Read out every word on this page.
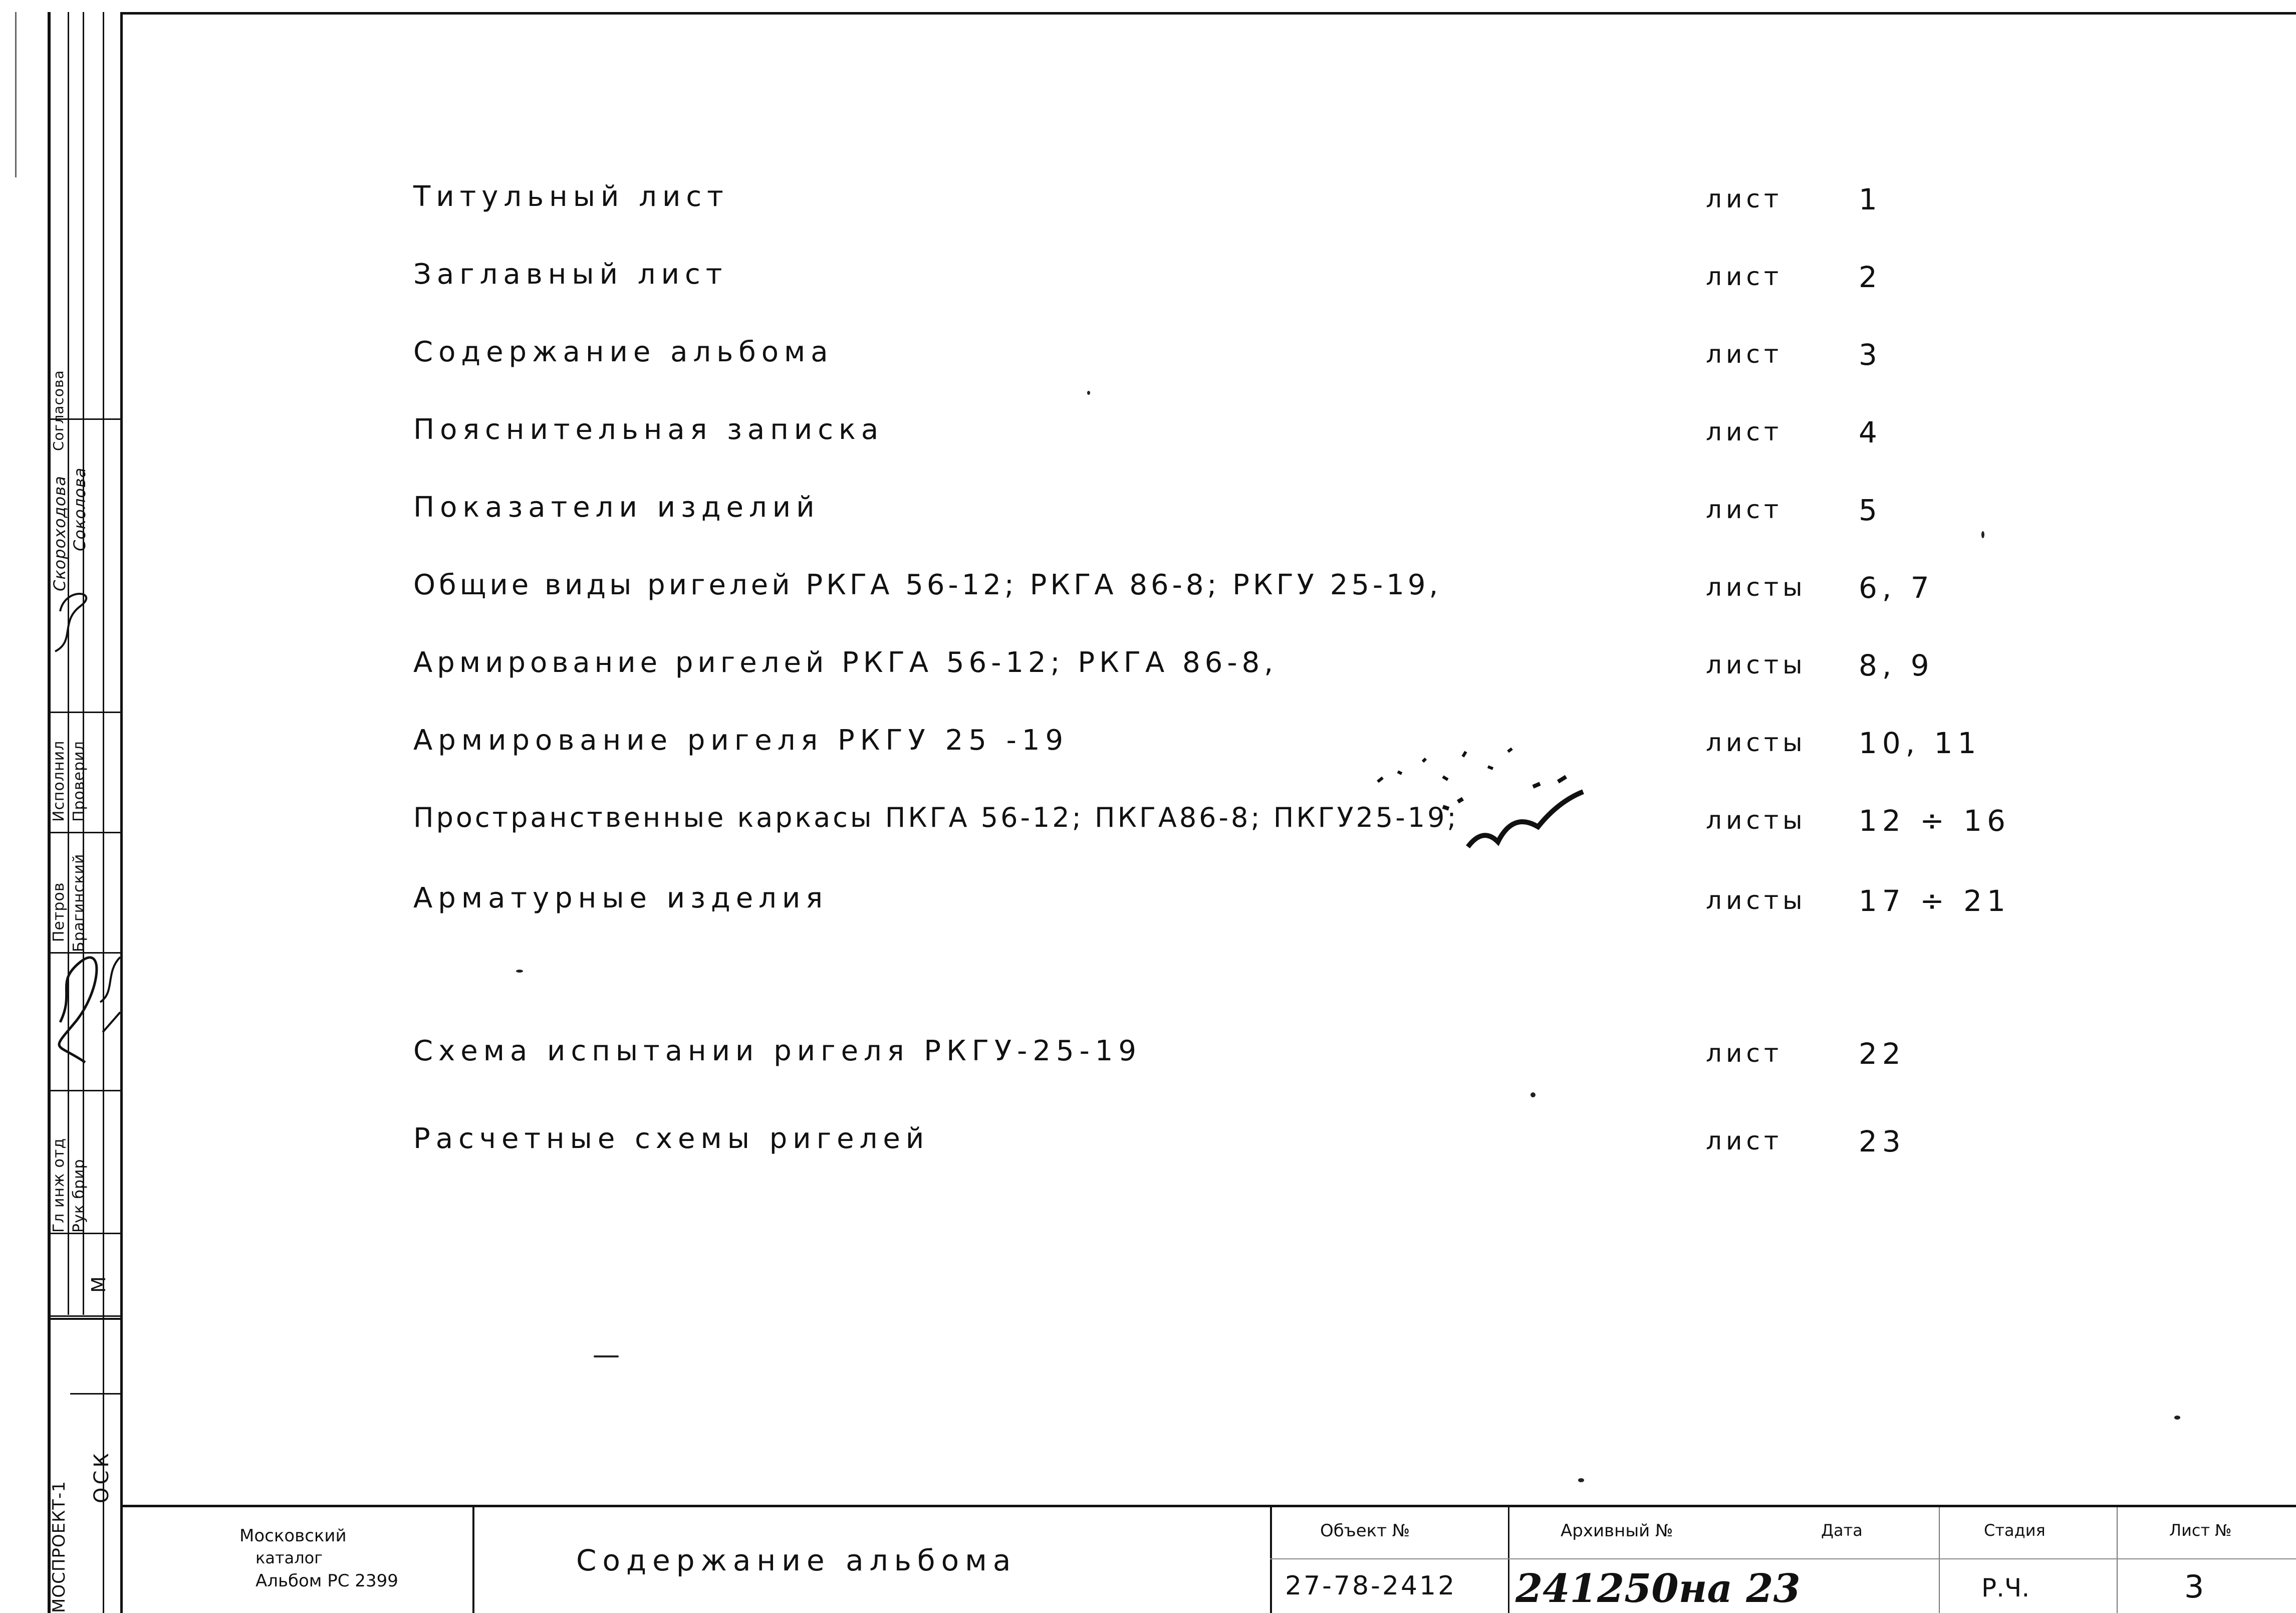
Согласова
Скороходова Соколова
Исполнил Проверил
Петров Брагинский
Гл инж отд Рук брир
М
ОСК
МОСПРОЕКТ-1
Титульный лист	лист	1
Заглавный лист	лист	2
Содержание альбома	лист	3
Пояснительная записка	лист	4
Показатели изделий	лист	5
Общие виды ригелей РКГА 56-12; РКГА 86-8; РКГУ 25-19,	листы 6, 7
Армирование ригелей РКГА 56-12; РКГА 86-8,	листы 8, 9
Армирование ригеля РКГУ 25 -19	листы 10, 11
Пространственные каркасы ПКГА 56-12; ПКГА86-8; ПКГУ25-19;	листы 12 ÷ 16
Арматурные изделия	листы 17 ÷ 21
Схема испытании ригеля РКГУ-25-19	лист	22
Расчетные схемы ригелей	лист	23
Московский
каталог
Альбом РС 2399
Содержание альбома
Объект №
27-78-2412
Архивный №
241250на 23
Дата	Стадия
Р.Ч.
Лист №
3
